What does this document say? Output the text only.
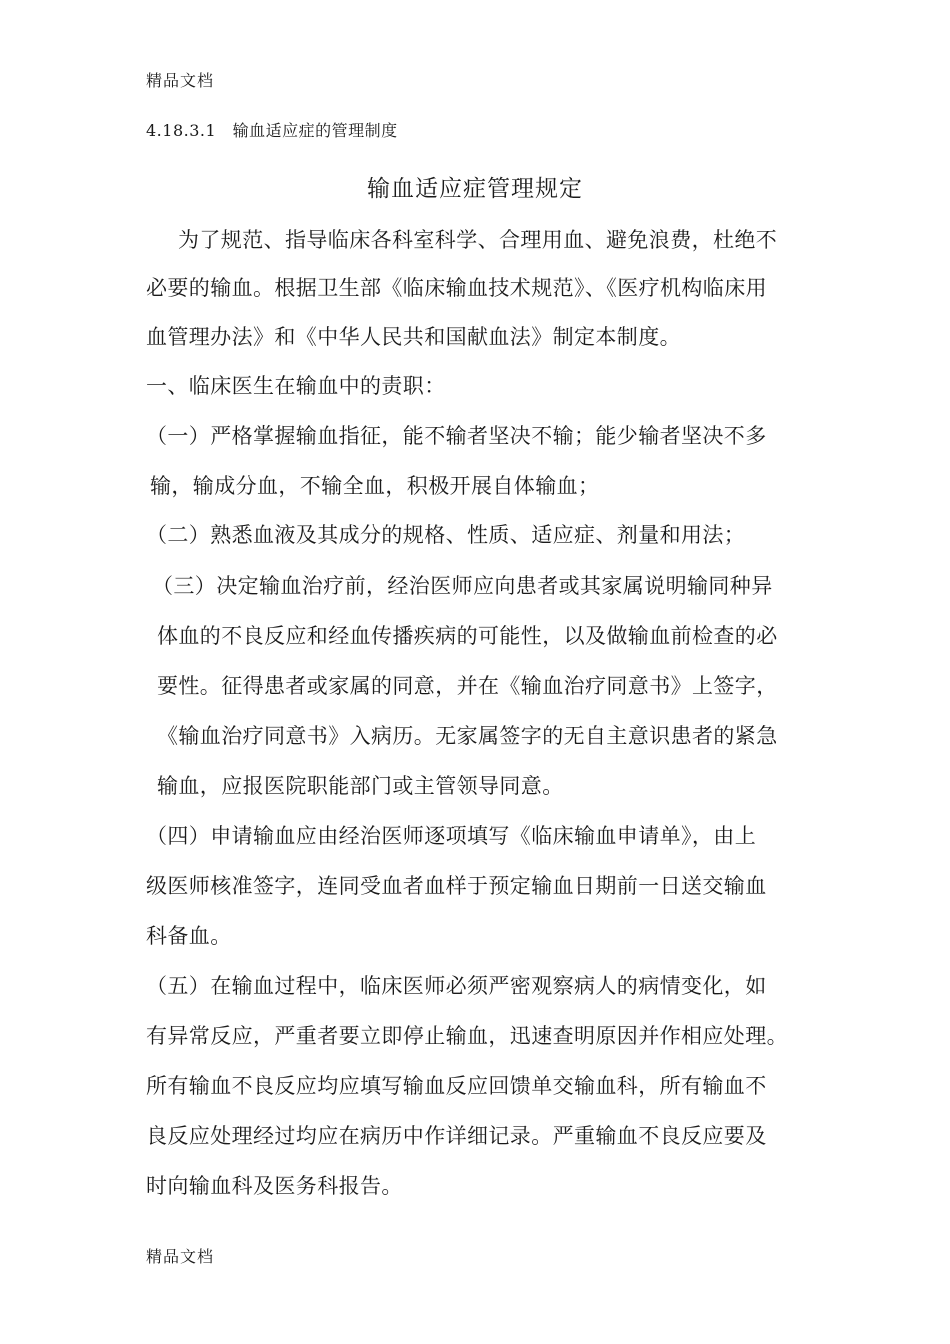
精品文档
4.18.3.1　输血适应症的管理制度
输血适应症管理规定

为了规范、指导临床各科室科学、合理用血、避免浪费，杜绝不

必要的输血。根据卫生部《临床输血技术规范》、《医疗机构临床用

血管理办法》和《中华人民共和国献血法》制定本制度。

一、临床医生在输血中的责职：

（一）严格掌握输血指征，能不输者坚决不输；能少输者坚决不多

输，输成分血，不输全血，积极开展自体输血；

（二）熟悉血液及其成分的规格、性质、适应症、剂量和用法；

（三）决定输血治疗前，经治医师应向患者或其家属说明输同种异

体血的不良反应和经血传播疾病的可能性，以及做输血前检查的必

要性。征得患者或家属的同意，并在《输血治疗同意书》上签字，

《输血治疗同意书》入病历。无家属签字的无自主意识患者的紧急

输血，应报医院职能部门或主管领导同意。

（四）申请输血应由经治医师逐项填写《临床输血申请单》，由上

级医师核准签字，连同受血者血样于预定输血日期前一日送交输血

科备血。

（五）在输血过程中，临床医师必须严密观察病人的病情变化，如

有异常反应，严重者要立即停止输血，迅速查明原因并作相应处理。

所有输血不良反应均应填写输血反应回馈单交输血科，所有输血不

良反应处理经过均应在病历中作详细记录。严重输血不良反应要及

时向输血科及医务科报告。

精品文档
